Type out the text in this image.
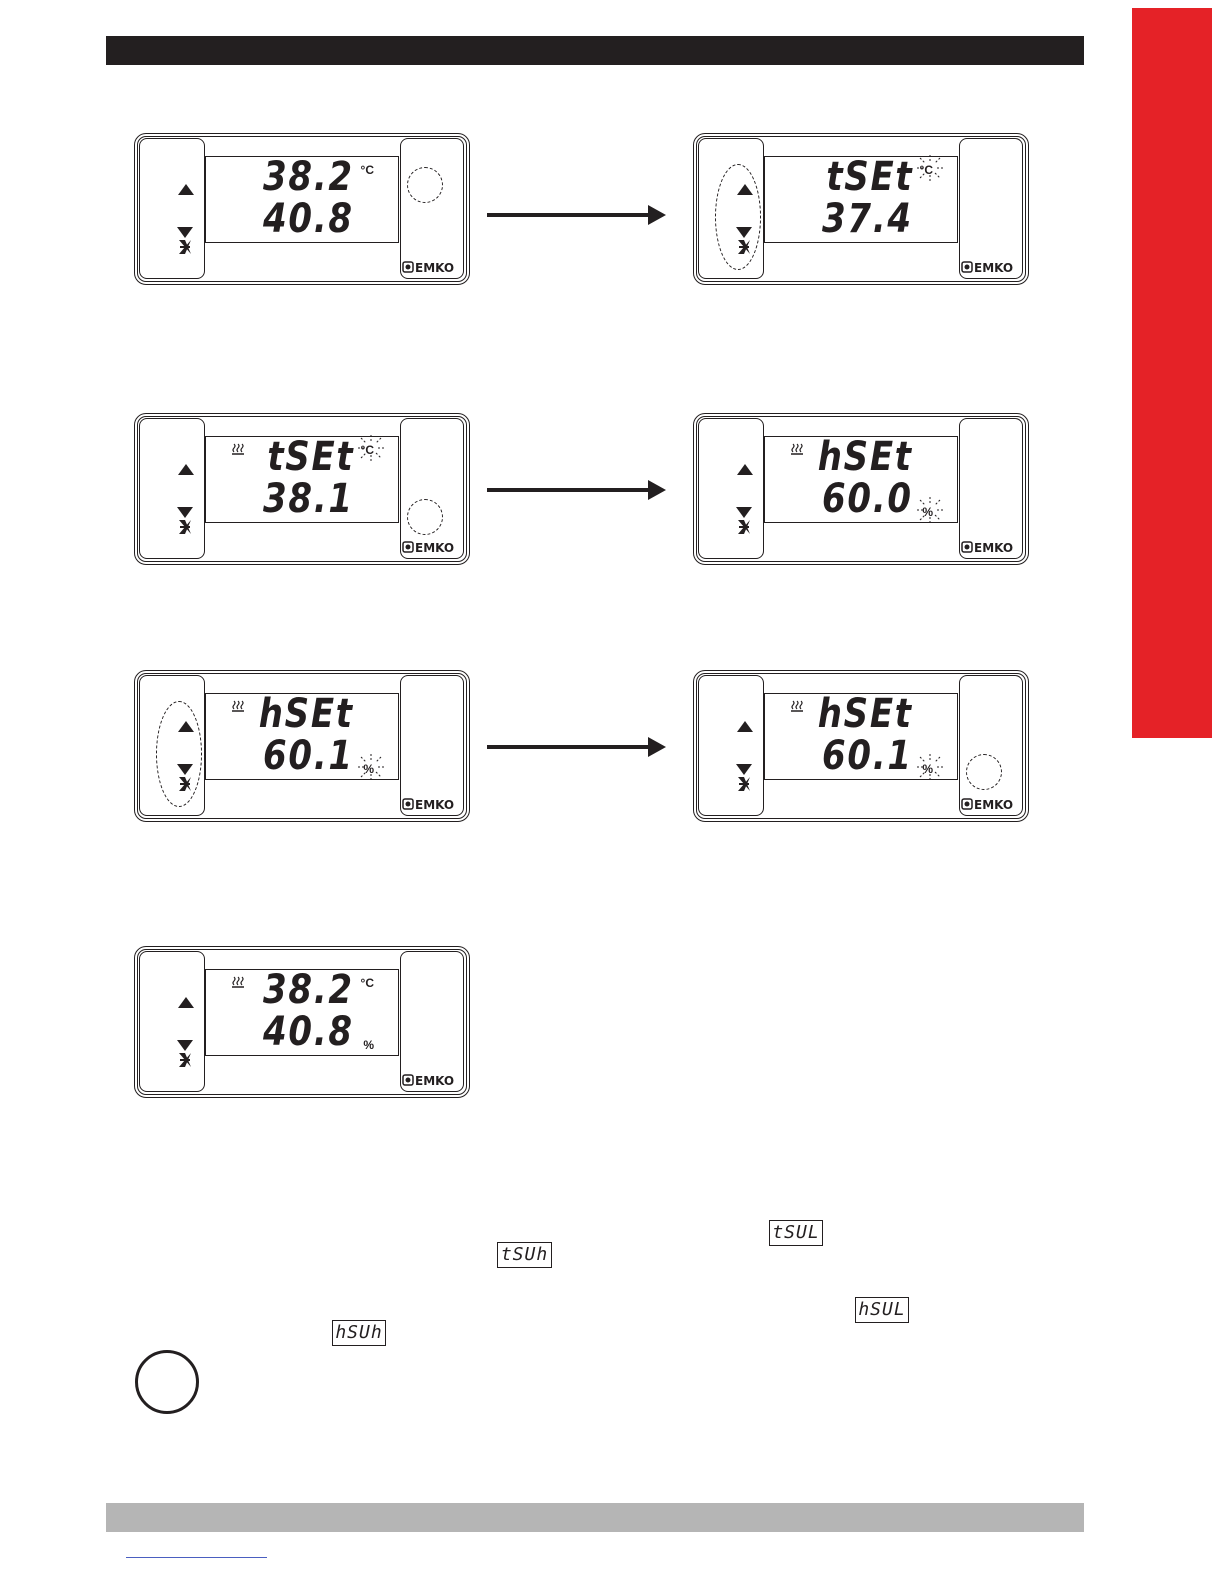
38.2 °C
40.8
EMKO
tSEt °C
37.4
EMKO
tSEt °C
38.1
EMKO
hSEt
60.0 %
EMKO
hSEt
60.1 %
EMKO
hSEt
60.1 %
EMKO
38.2 °C
40.8 %
EMKO
tSUL
tSUh
hSUL
hSUh
